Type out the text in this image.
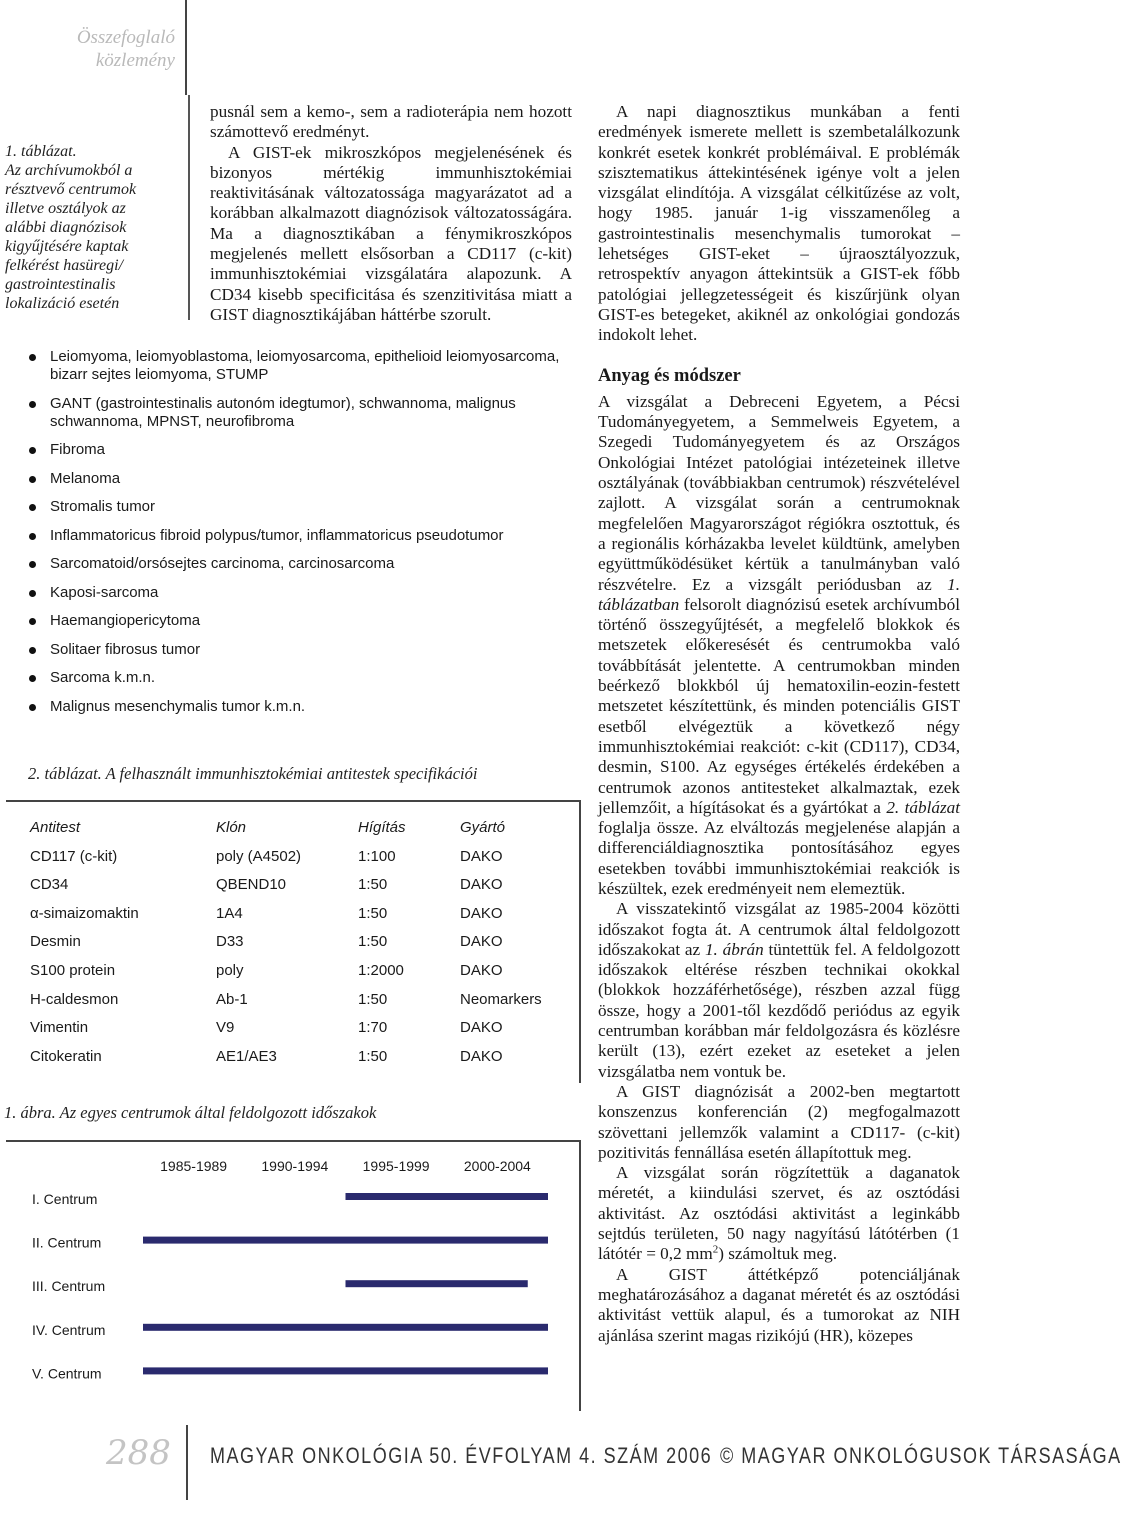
Összefoglaló
közlemény
1. táblázat.
Az archívumokból a
résztvevő centrumok
illetve osztályok az
alábbi diagnózisok
kigyűjtésére kaptak
felkérést hasüregi/
gastrointestinalis
lokalizáció esetén

pusnál sem a kemo-, sem a radioterápia nem hozott számottevő eredményt.

A GIST-ek mikroszkópos megjelenésének és bizonyos mértékig immunhisztokémiai reaktivitásának változatossága magyarázatot ad a korábban alkalmazott diagnózisok változatosságára. Ma a diagnosztikában a fénymikroszkópos megjelenés mellett elsősorban a CD117 (c-kit) immunhisztokémiai vizsgálatára alapozunk. A CD34 kisebb specificitása és szenzitivitása miatt a GIST diagnosztikájában háttérbe szorult.

Leiomyoma, leiomyoblastoma, leiomyosarcoma, epithelioid leiomyosarcoma, bizarr sejtes leiomyoma, STUMP
GANT (gastrointestinalis autonóm idegtumor), schwannoma, malignus schwannoma, MPNST, neurofibroma
Fibroma
Melanoma
Stromalis tumor
Inflammatoricus fibroid polypus/tumor, inflammatoricus pseudotumor
Sarcomatoid/orsósejtes carcinoma, carcinosarcoma
Kaposi-sarcoma
Haemangiopericytoma
Solitaer fibrosus tumor
Sarcoma k.m.n.
Malignus mesenchymalis tumor k.m.n.
2. táblázat. A felhasznált immunhisztokémiai antitestek specifikációi
Antitest	Klón	Hígítás	Gyártó
CD117 (c-kit)	poly (A4502)	1:100	DAKO
CD34	QBEND10	1:50	DAKO
α-simaizomaktin	1A4	1:50	DAKO
Desmin	D33	1:50	DAKO
S100 protein	poly	1:2000	DAKO
H-caldesmon	Ab-1	1:50	Neomarkers
Vimentin	V9	1:70	DAKO
Citokeratin	AE1/AE3	1:50	DAKO
1. ábra. Az egyes centrumok által feldolgozott időszakok
1985-1989 1990-1994 1995-1999 2000-2004
I. Centrum
II. Centrum
III. Centrum
IV. Centrum
V. Centrum

A napi diagnosztikus munkában a fenti eredmények ismerete mellett is szembetalálkozunk konkrét esetek konkrét problémáival. E problémák szisztematikus áttekintésének igénye volt a jelen vizsgálat elindítója. A vizsgálat célkitűzése az volt, hogy 1985. január 1-ig visszamenőleg a gastrointestinalis mesenchymalis tumorokat – lehetséges GIST-eket – újraosztályozzuk, retrospektív anyagon áttekintsük a GIST-ek főbb patológiai jellegzetességeit és kiszűrjünk olyan GIST-es betegeket, akiknél az onkológiai gondozás indokolt lehet.

Anyag és módszer

A vizsgálat a Debreceni Egyetem, a Pécsi Tudományegyetem, a Semmelweis Egyetem, a Szegedi Tudományegyetem és az Országos Onkológiai Intézet patológiai intézeteinek illetve osztályának (továbbiakban centrumok) részvételével zajlott. A vizsgálat során a centrumoknak megfelelően Magyarországot régiókra osztottuk, és a regionális kórházakba levelet küldtünk, amelyben együttműködésüket kértük a tanulmányban való részvételre. Ez a vizsgált periódusban az 1. táblázatban felsorolt diagnózisú esetek archívumból történő összegyűjtését, a megfelelő blokkok és metszetek előkeresését és centrumokba való továbbítását jelentette. A centrumokban minden beérkező blokkból új hematoxilin-eozin-festett metszetet készítettünk, és minden potenciális GIST esetből elvégeztük a következő négy immunhisztokémiai reakciót: c-kit (CD117), CD34, desmin, S100. Az egységes értékelés érdekében a centrumok azonos antitesteket alkalmaztak, ezek jellemzőit, a hígításokat és a gyártókat a 2. táblázat foglalja össze. Az elváltozás megjelenése alapján a differenciáldiagnosztika pontosításához egyes esetekben további immunhisztokémiai reakciók is készültek, ezek eredményeit nem elemeztük.

A visszatekintő vizsgálat az 1985-2004 közötti időszakot fogta át. A centrumok által feldolgozott időszakokat az 1. ábrán tüntettük fel. A feldolgozott időszakok eltérése részben technikai okokkal (blokkok hozzáférhetősége), részben azzal függ össze, hogy a 2001-től kezdődő periódus az egyik centrumban korábban már feldolgozásra és közlésre került (13), ezért ezeket az eseteket a jelen vizsgálatba nem vontuk be.

A GIST diagnózisát a 2002-ben megtartott konszenzus konferencián (2) megfogalmazott szövettani jellemzők valamint a CD117- (c-kit) pozitivitás fennállása esetén állapítottuk meg.

A vizsgálat során rögzítettük a daganatok méretét, a kiindulási szervet, és az osztódási aktivitást. Az osztódási aktivitást a leginkább sejtdús területen, 50 nagy nagyítású látótérben (1 látótér = 0,2 $mm^2$) számoltuk meg.

A GIST áttétképző potenciáljának meghatározásához a daganat méretét és az osztódási aktivitást vettük alapul, és a tumorokat az NIH ajánlása szerint magas rizikójú (HR), közepes

288 MAGYAR ONKOLÓGIA 50. ÉVFOLYAM 4. SZÁM 2006 © MAGYAR ONKOLÓGUSOK TÁRSASÁGA
